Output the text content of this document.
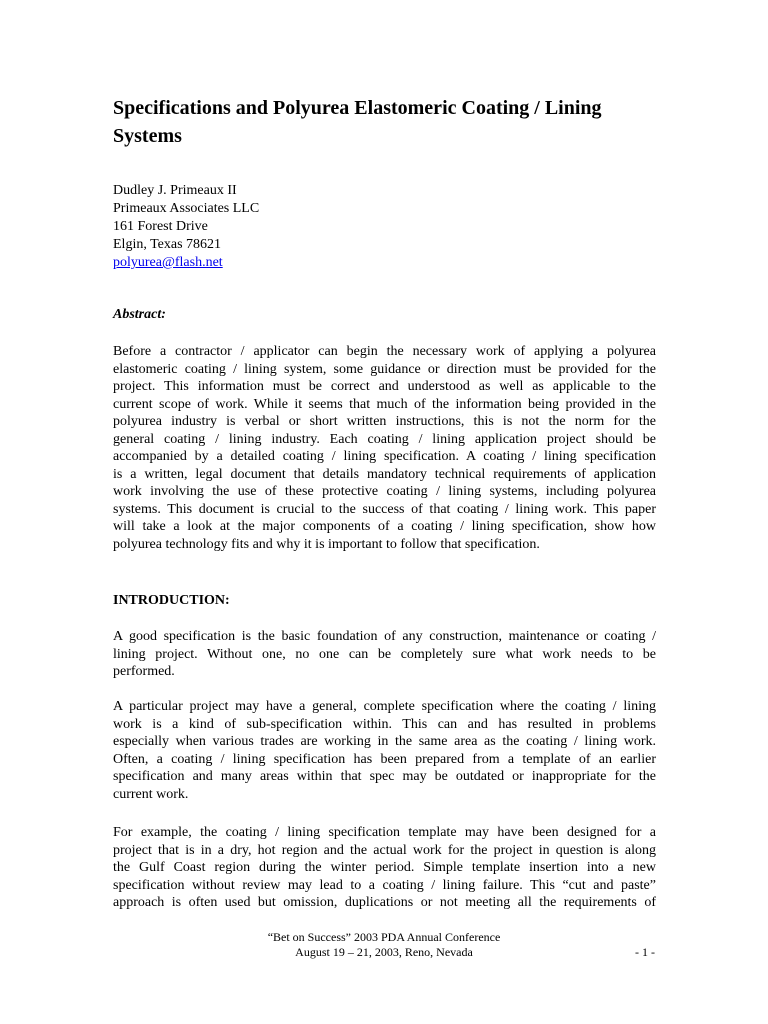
Specifications and Polyurea Elastomeric Coating / Lining Systems
Dudley J. Primeaux II
Primeaux Associates LLC
161 Forest Drive
Elgin, Texas 78621
polyurea@flash.net
Abstract:

Before a contractor / applicator can begin the necessary work of applying a polyurea
elastomeric coating / lining system, some guidance or direction must be provided for the
project. This information must be correct and understood as well as applicable to the
current scope of work. While it seems that much of the information being provided in the
polyurea industry is verbal or short written instructions, this is not the norm for the
general coating / lining industry. Each coating / lining application project should be
accompanied by a detailed coating / lining specification. A coating / lining specification
is a written, legal document that details mandatory technical requirements of application
work involving the use of these protective coating / lining systems, including polyurea
systems. This document is crucial to the success of that coating / lining work. This paper
will take a look at the major components of a coating / lining specification, show how
polyurea technology fits and why it is important to follow that specification.

INTRODUCTION:

A good specification is the basic foundation of any construction, maintenance or coating /
lining project. Without one, no one can be completely sure what work needs to be
performed.

A particular project may have a general, complete specification where the coating / lining
work is a kind of sub-specification within. This can and has resulted in problems
especially when various trades are working in the same area as the coating / lining work.
Often, a coating / lining specification has been prepared from a template of an earlier
specification and many areas within that spec may be outdated or inappropriate for the
current work.

For example, the coating / lining specification template may have been designed for a
project that is in a dry, hot region and the actual work for the project in question is along
the Gulf Coast region during the winter period. Simple template insertion into a new
specification without review may lead to a coating / lining failure. This “cut and paste”
approach is often used but omission, duplications or not meeting all the requirements of

“Bet on Success” 2003 PDA Annual Conference
August 19 – 21, 2003, Reno, Nevada	- 1 -
